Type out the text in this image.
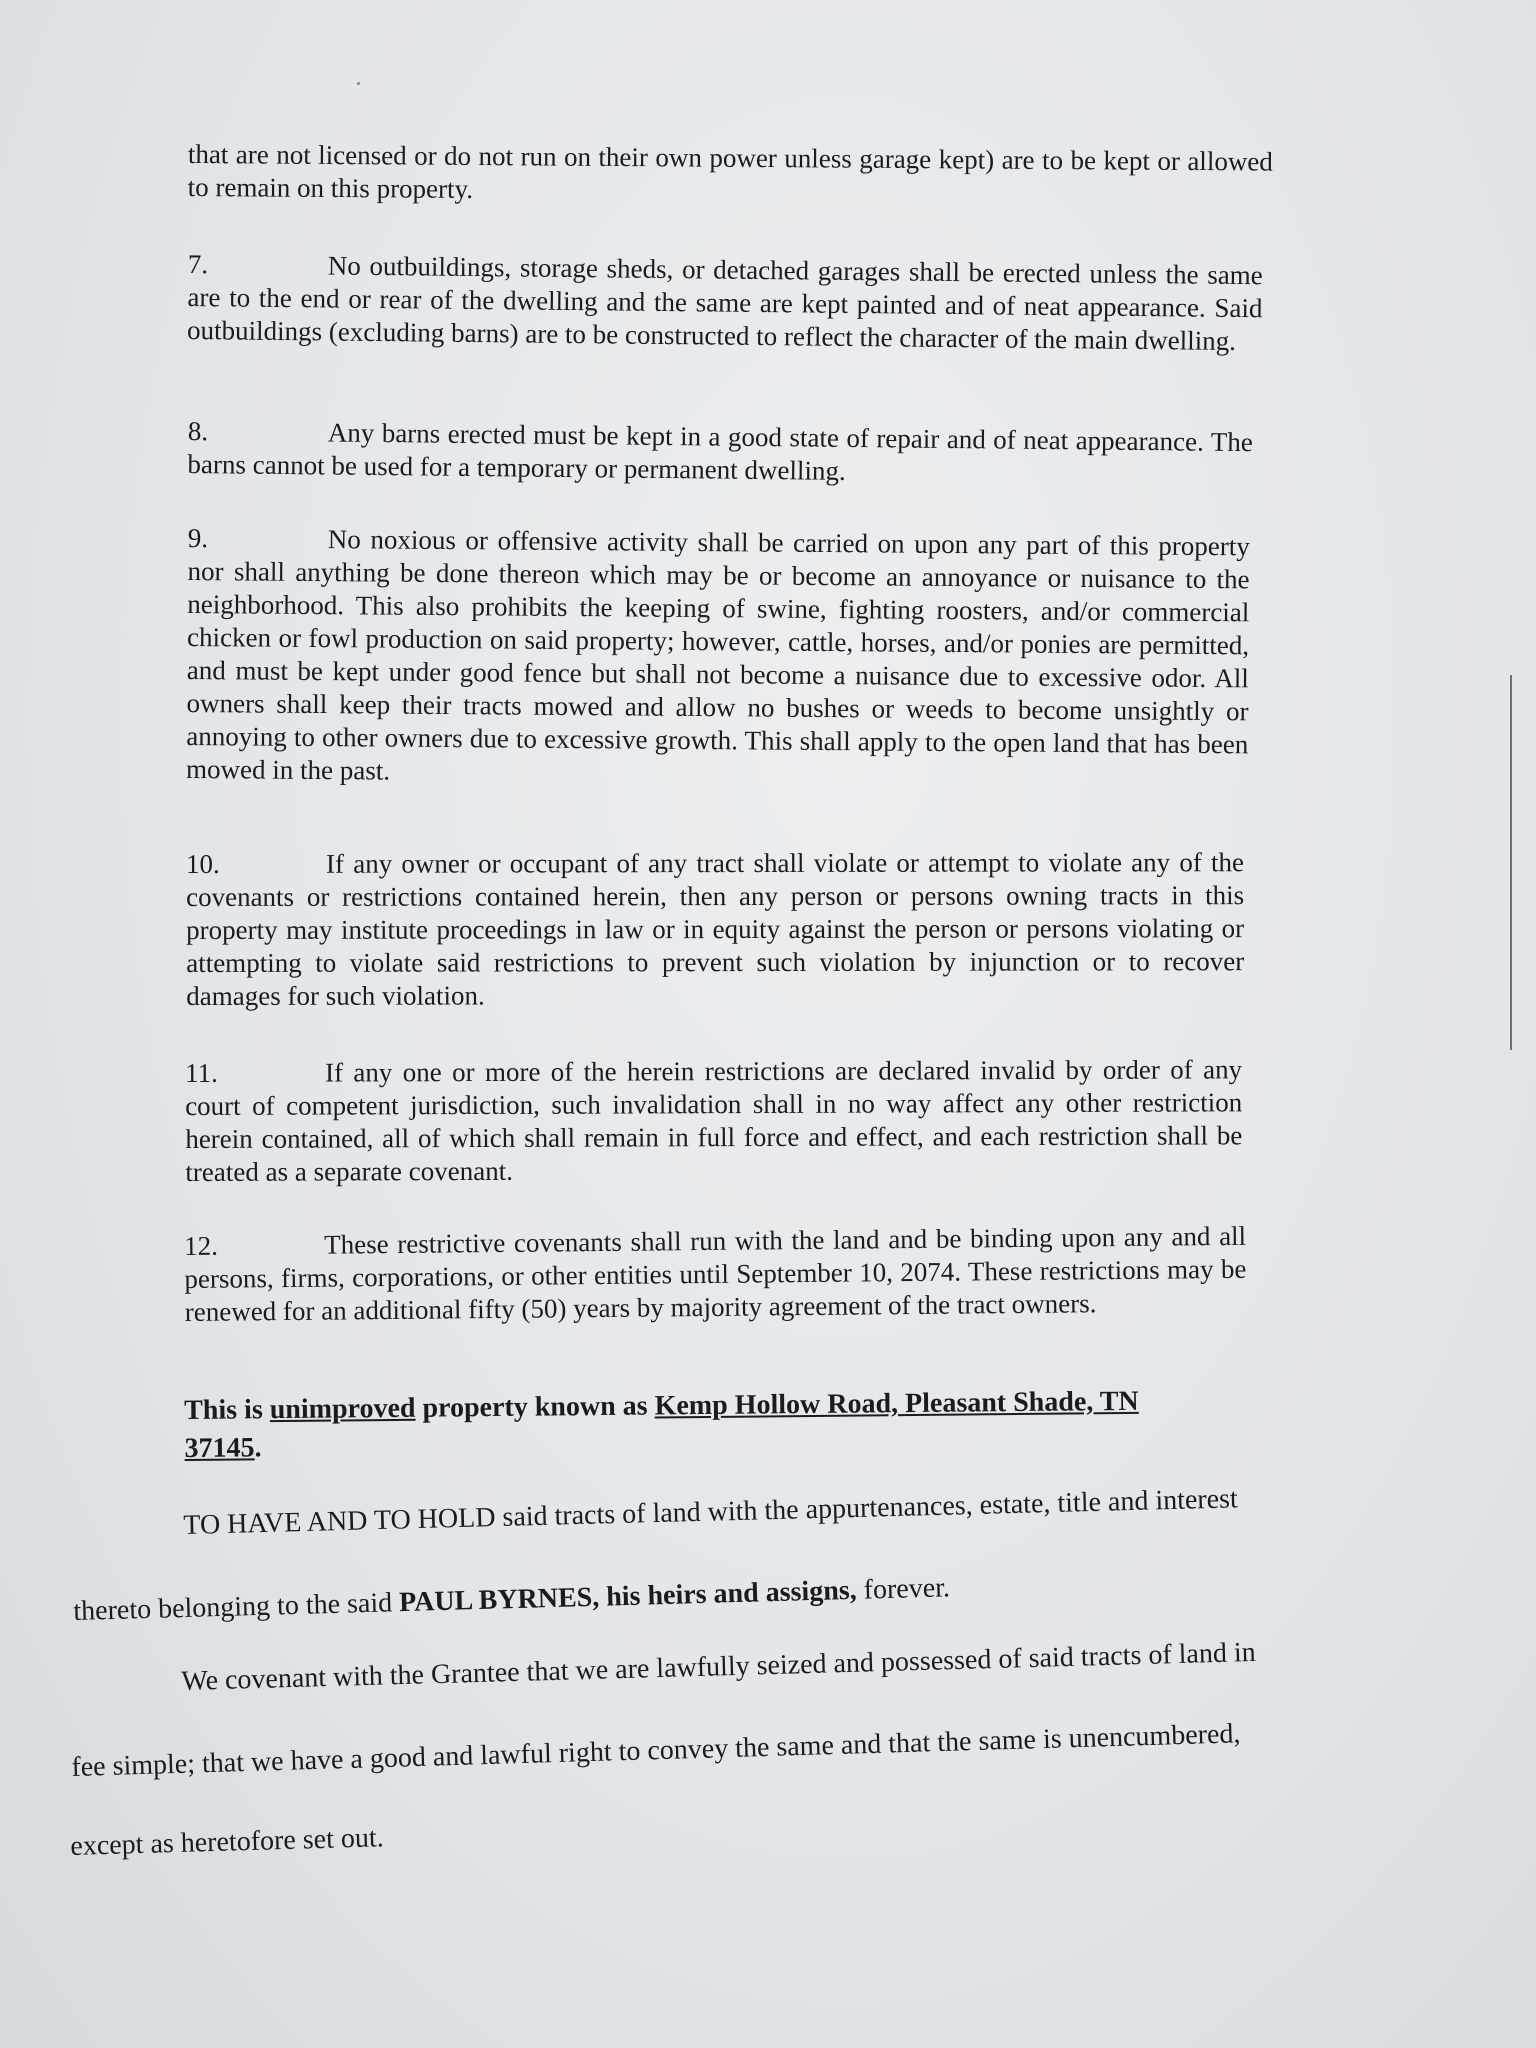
that are not licensed or do not run on their own power unless garage kept) are to be kept or allowed to remain on this property.
7.	No outbuildings, storage sheds, or detached garages shall be erected unless the same are to the end or rear of the dwelling and the same are kept painted and of neat appearance. Said outbuildings (excluding barns) are to be constructed to reflect the character of the main dwelling.
8.	Any barns erected must be kept in a good state of repair and of neat appearance. The barns cannot be used for a temporary or permanent dwelling.
9.	No noxious or offensive activity shall be carried on upon any part of this property nor shall anything be done thereon which may be or become an annoyance or nuisance to the neighborhood. This also prohibits the keeping of swine, fighting roosters, and/or commercial chicken or fowl production on said property; however, cattle, horses, and/or ponies are permitted, and must be kept under good fence but shall not become a nuisance due to excessive odor. All owners shall keep their tracts mowed and allow no bushes or weeds to become unsightly or annoying to other owners due to excessive growth. This shall apply to the open land that has been mowed in the past.
10.	If any owner or occupant of any tract shall violate or attempt to violate any of the covenants or restrictions contained herein, then any person or persons owning tracts in this property may institute proceedings in law or in equity against the person or persons violating or attempting to violate said restrictions to prevent such violation by injunction or to recover damages for such violation.
11.	If any one or more of the herein restrictions are declared invalid by order of any court of competent jurisdiction, such invalidation shall in no way affect any other restriction herein contained, all of which shall remain in full force and effect, and each restriction shall be treated as a separate covenant.
12.	These restrictive covenants shall run with the land and be binding upon any and all persons, firms, corporations, or other entities until September 10, 2074. These restrictions may be renewed for an additional fifty (50) years by majority agreement of the tract owners.
This is unimproved property known as Kemp Hollow Road, Pleasant Shade, TN
37145.
TO HAVE AND TO HOLD said tracts of land with the appurtenances, estate, title and interest
thereto belonging to the said PAUL BYRNES, his heirs and assigns, forever.
We covenant with the Grantee that we are lawfully seized and possessed of said tracts of land in
fee simple; that we have a good and lawful right to convey the same and that the same is unencumbered,
except as heretofore set out.
